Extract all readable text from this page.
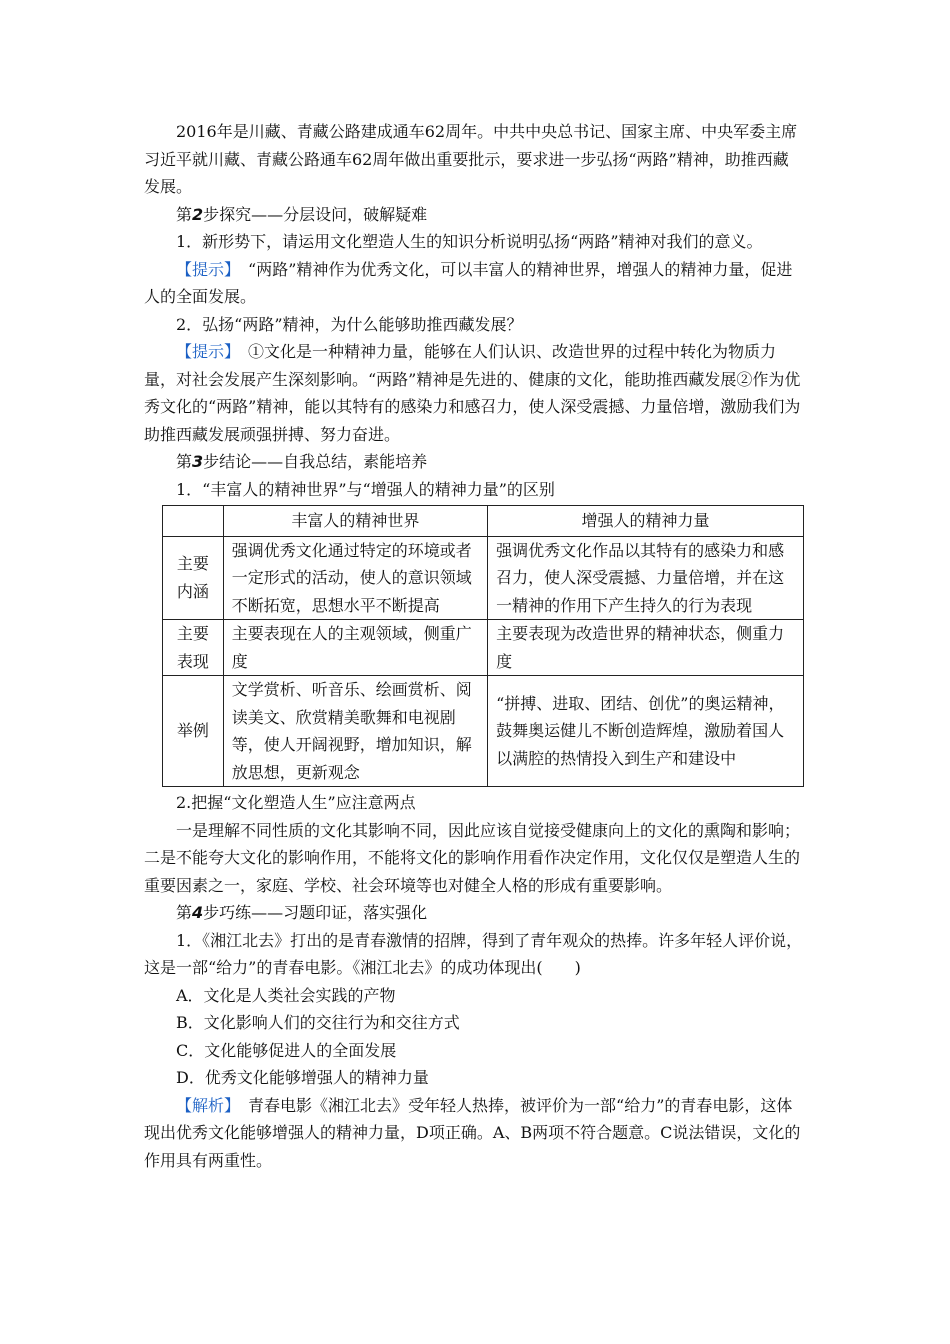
2016年是川藏、青藏公路建成通车62周年。中共中央总书记、国家主席、中央军委主席习近平就川藏、青藏公路通车62周年做出重要批示，要求进一步弘扬“两路”精神，助推西藏发展。

第2步探究——分层设问，破解疑难

1．新形势下，请运用文化塑造人生的知识分析说明弘扬“两路”精神对我们的意义。

【提示】　“两路”精神作为优秀文化，可以丰富人的精神世界，增强人的精神力量，促进人的全面发展。

2．弘扬“两路”精神，为什么能够助推西藏发展？

【提示】　①文化是一种精神力量，能够在人们认识、改造世界的过程中转化为物质力量，对社会发展产生深刻影响。“两路”精神是先进的、健康的文化，能助推西藏发展②作为优秀文化的“两路”精神，能以其特有的感染力和感召力，使人深受震撼、力量倍增，激励我们为助推西藏发展顽强拼搏、努力奋进。

第3步结论——自我总结，素能培养

1．“丰富人的精神世界”与“增强人的精神力量”的区别

	丰富人的精神世界	增强人的精神力量
主要内涵	强调优秀文化通过特定的环境或者一定形式的活动，使人的意识领域不断拓宽，思想水平不断提高	强调优秀文化作品以其特有的感染力和感召力，使人深受震撼、力量倍增，并在这一精神的作用下产生持久的行为表现
主要表现	主要表现在人的主观领域，侧重广度	主要表现为改造世界的精神状态，侧重力度
举例	文学赏析、听音乐、绘画赏析、阅读美文、欣赏精美歌舞和电视剧等，使人开阔视野，增加知识，解放思想，更新观念	“拼搏、进取、团结、创优”的奥运精神，鼓舞奥运健儿不断创造辉煌，激励着国人以满腔的热情投入到生产和建设中

2.把握“文化塑造人生”应注意两点

一是理解不同性质的文化其影响不同，因此应该自觉接受健康向上的文化的熏陶和影响；二是不能夸大文化的影响作用，不能将文化的影响作用看作决定作用，文化仅仅是塑造人生的重要因素之一，家庭、学校、社会环境等也对健全人格的形成有重要影响。

第4步巧练——习题印证，落实强化

1．《湘江北去》打出的是青春激情的招牌，得到了青年观众的热捧。许多年轻人评价说，这是一部“给力”的青春电影。《湘江北去》的成功体现出(　　)

A．文化是人类社会实践的产物

B．文化影响人们的交往行为和交往方式

C．文化能够促进人的全面发展

D．优秀文化能够增强人的精神力量

【解析】　青春电影《湘江北去》受年轻人热捧，被评价为一部“给力”的青春电影，这体现出优秀文化能够增强人的精神力量，D项正确。A、B两项不符合题意。C说法错误，文化的作用具有两重性。
